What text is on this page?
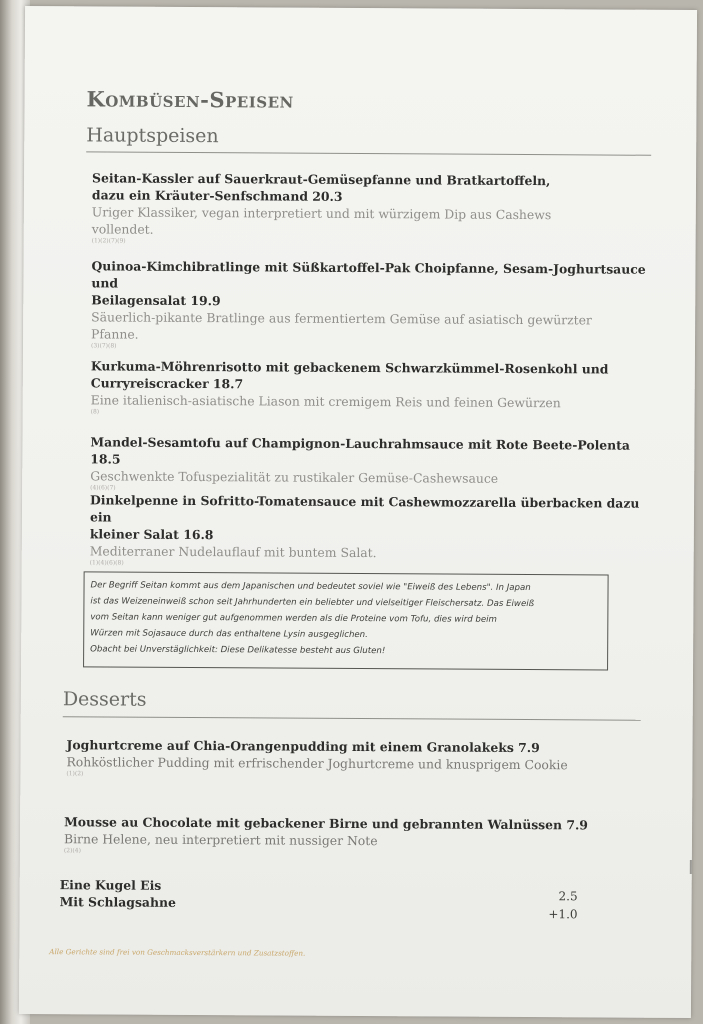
Kombüsen-Speisen
Hauptspeisen
Seitan-Kassler auf Sauerkraut-Gemüsepfanne und Bratkartoffeln,
dazu ein Kräuter-Senfschmand 20.3
Uriger Klassiker, vegan interpretiert und mit würzigem Dip aus Cashews
vollendet.
(1)(2)(7)(9)
Quinoa-Kimchibratlinge mit Süßkartoffel-Pak Choipfanne, Sesam-Joghurtsauce und
Beilagensalat 19.9
Säuerlich-pikante Bratlinge aus fermentiertem Gemüse auf asiatisch gewürzter
Pfanne.
(3)(7)(8)
Kurkuma-Möhrenrisotto mit gebackenem Schwarzkümmel-Rosenkohl und
Curryreiscracker 18.7
Eine italienisch-asiatische Liason mit cremigem Reis und feinen Gewürzen
(8)
Mandel-Sesamtofu auf Champignon-Lauchrahmsauce mit Rote Beete-Polenta 18.5
Geschwenkte Tofuspezialität zu rustikaler Gemüse-Cashewsauce
(4)(6)(7)
Dinkelpenne in Sofritto-Tomatensauce mit Cashewmozzarella überbacken dazu ein
kleiner Salat 16.8
Mediterraner Nudelauflauf mit buntem Salat.
(1)(4)(6)(8)
Der Begriff Seitan kommt aus dem Japanischen und bedeutet soviel wie "Eiweiß des Lebens". In Japan
ist das Weizeneinweiß schon seit Jahrhunderten ein beliebter und vielseitiger Fleischersatz. Das Eiweiß
vom Seitan kann weniger gut aufgenommen werden als die Proteine vom Tofu, dies wird beim
Würzen mit Sojasauce durch das enthaltene Lysin ausgeglichen.
Obacht bei Unverstäglichkeit: Diese Delikatesse besteht aus Gluten!
Desserts
Joghurtcreme auf Chia-Orangenpudding mit einem Granolakeks 7.9
Rohköstlicher Pudding mit erfrischender Joghurtcreme und knusprigem Cookie
(1)(2)
Mousse au Chocolate mit gebackener Birne und gebrannten Walnüssen 7.9
Birne Helene, neu interpretiert mit nussiger Note
(2)(4)
Eine Kugel Eis
Mit Schlagsahne	2.5
+1.0
Alle Gerichte sind frei von Geschmacksverstärkern und Zusatzstoffen.
